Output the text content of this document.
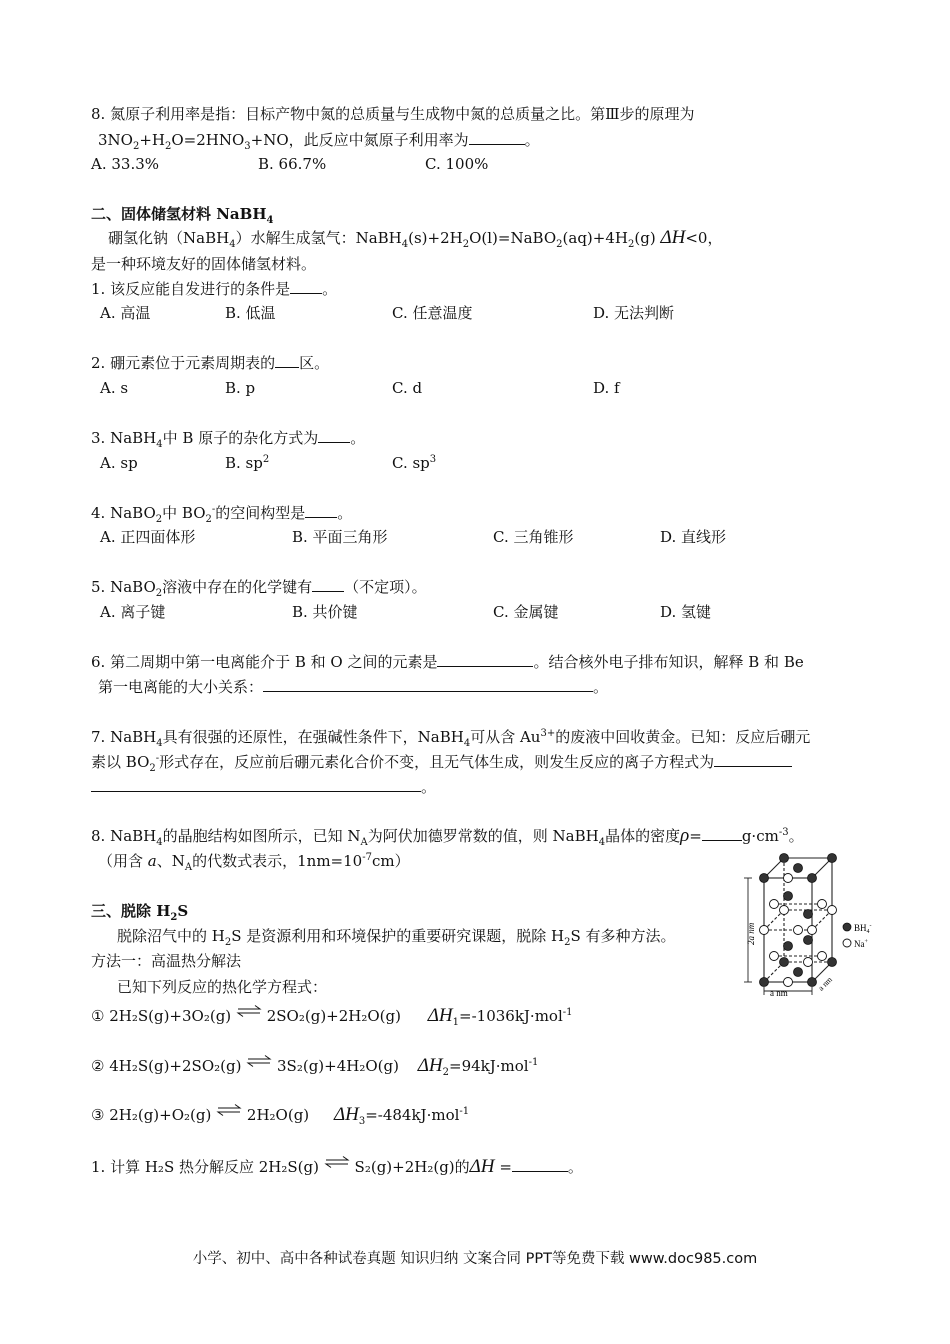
8. 氮原子利用率是指：目标产物中氮的总质量与生成物中氮的总质量之比。第Ⅲ步的原理为
$3NO_2+H_2O=2HNO_3+NO$，此反应中氮原子利用率为	。
A. 33.3%	B. 66.7%	C. 100%
二、固体储氢材料 NaBH$_4$
硼氢化钠（NaBH$_4$）水解生成氢气：$NaBH_4(s)+2H_2O(l)=NaBO_2(aq)+4H_2(g)$ ΔH<0，
是一种环境友好的固体储氢材料。
1. 该反应能自发进行的条件是 。
A. 高温	B. 低温	C. 任意温度	D. 无法判断
2. 硼元素位于元素周期表的 区。
A. s	B. p	C. d	D. f
3. NaBH$_4$中 B 原子的杂化方式为 。
A. sp	B. $sp^2$	C. $sp^3$
4. NaBO$_2$中 $BO_2^-$的空间构型是 。
A. 正四面体形	B. 平面三角形	C. 三角锥形	D. 直线形
5. NaBO$_2$溶液中存在的化学键有 （不定项）。
A. 离子键	B. 共价键	C. 金属键	D. 氢键
6. 第二周期中第一电离能介于 B 和 O 之间的元素是	。结合核外电子排布知识，解释 B 和 Be
第一电离能的大小关系：	。
7. NaBH$_4$具有很强的还原性，在强碱性条件下，NaBH$_4$可从含 $Au^{3+}$的废液中回收黄金。已知：反应后硼元
素以 $BO_2^-$形式存在，反应前后硼元素化合价不变，且无气体生成，则发生反应的离子方程式为
。
8. NaBH$_4$的晶胞结构如图所示，已知 $N_A$为阿伏加德罗常数的值，则 NaBH$_4$晶体的密度ρ=	$g\cdot cm^{-3}$。
（用含 a、$N_A$的代数式表示，$1nm=10^{-7}cm$）
2a nm
a nm
a nm
$BH_4^-$
Na+
三、脱除 $H_2S$
脱除沼气中的 $H_2S$ 是资源利用和环境保护的重要研究课题，脱除 $H_2S$ 有多种方法。
方法一：高温热分解法
已知下列反应的热化学方程式：
① 2H₂S(g)+3O₂(g) ⇌ 2SO₂(g)+2H₂O(g) $\Delta H_1=-1036kJ\cdot mol^{-1}$
② 4H₂S(g)+2SO₂(g) ⇌ 3S₂(g)+4H₂O(g) $\Delta H_2=94kJ\cdot mol^{-1}$
③ 2H₂(g)+O₂(g) ⇌ 2H₂O(g) $\Delta H_3=-484kJ\cdot mol^{-1}$
1. 计算 H₂S 热分解反应 2H₂S(g) ⇌ S₂(g)+2H₂(g)的ΔH =	。
小学、初中、高中各种试卷真题 知识归纳 文案合同 PPT等免费下载 www.doc985.com
